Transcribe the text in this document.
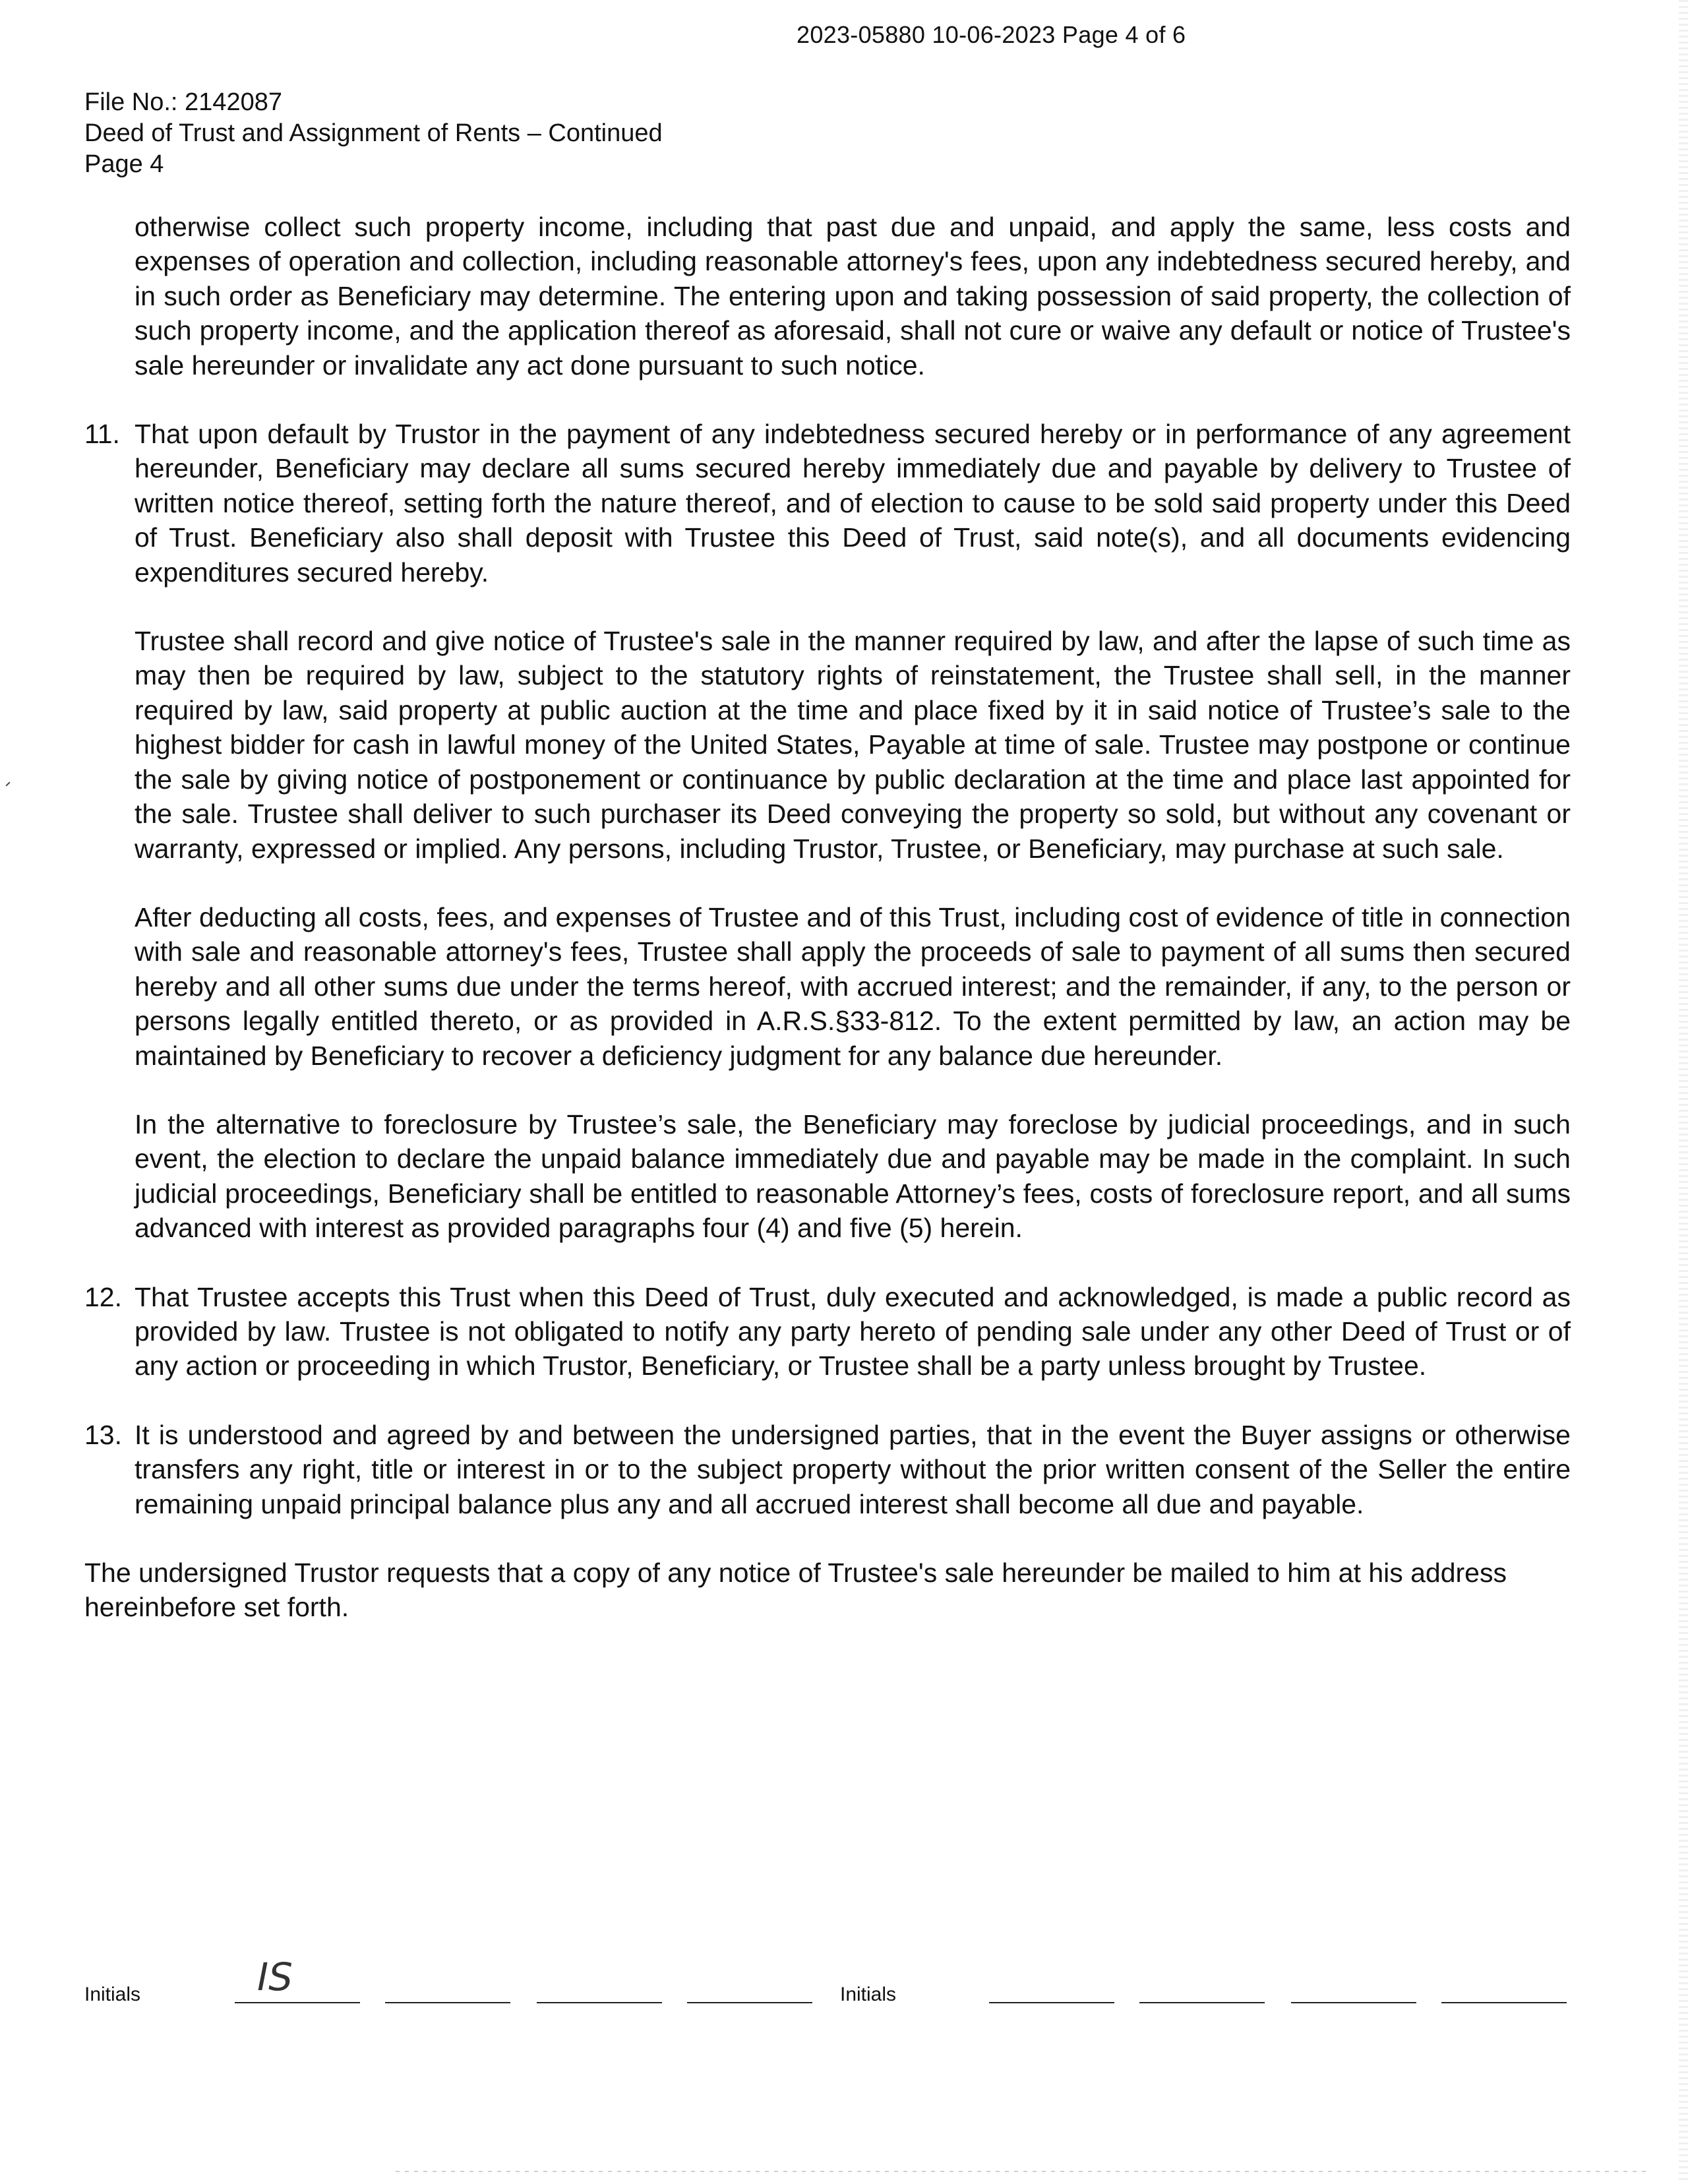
2023-05880 10-06-2023 Page 4 of 6
File No.: 2142087
Deed of Trust and Assignment of Rents – Continued
Page 4

otherwise collect such property income, including that past due and unpaid, and apply the same, less costs and expenses of operation and collection, including reasonable attorney's fees, upon any indebtedness secured hereby, and in such order as Beneficiary may determine. The entering upon and taking possession of said property, the collection of such property income, and the application thereof as aforesaid, shall not cure or waive any default or notice of Trustee's sale hereunder or invalidate any act done pursuant to such notice.

11. That upon default by Trustor in the payment of any indebtedness secured hereby or in performance of any agreement hereunder, Beneficiary may declare all sums secured hereby immediately due and payable by delivery to Trustee of written notice thereof, setting forth the nature thereof, and of election to cause to be sold said property under this Deed of Trust. Beneficiary also shall deposit with Trustee this Deed of Trust, said note(s), and all documents evidencing expenditures secured hereby.

Trustee shall record and give notice of Trustee's sale in the manner required by law, and after the lapse of such time as may then be required by law, subject to the statutory rights of reinstatement, the Trustee shall sell, in the manner required by law, said property at public auction at the time and place fixed by it in said notice of Trustee’s sale to the highest bidder for cash in lawful money of the United States, Payable at time of sale. Trustee may postpone or continue the sale by giving notice of postponement or continuance by public declaration at the time and place last appointed for the sale. Trustee shall deliver to such purchaser its Deed conveying the property so sold, but without any covenant or warranty, expressed or implied. Any persons, including Trustor, Trustee, or Beneficiary, may purchase at such sale.

After deducting all costs, fees, and expenses of Trustee and of this Trust, including cost of evidence of title in connection with sale and reasonable attorney's fees, Trustee shall apply the proceeds of sale to payment of all sums then secured hereby and all other sums due under the terms hereof, with accrued interest; and the remainder, if any, to the person or persons legally entitled thereto, or as provided in A.R.S.§33-812. To the extent permitted by law, an action may be maintained by Beneficiary to recover a deficiency judgment for any balance due hereunder.

In the alternative to foreclosure by Trustee’s sale, the Beneficiary may foreclose by judicial proceedings, and in such event, the election to declare the unpaid balance immediately due and payable may be made in the complaint. In such judicial proceedings, Beneficiary shall be entitled to reasonable Attorney’s fees, costs of foreclosure report, and all sums advanced with interest as provided paragraphs four (4) and five (5) herein.

12. That Trustee accepts this Trust when this Deed of Trust, duly executed and acknowledged, is made a public record as provided by law. Trustee is not obligated to notify any party hereto of pending sale under any other Deed of Trust or of any action or proceeding in which Trustor, Beneficiary, or Trustee shall be a party unless brought by Trustee.
13. It is understood and agreed by and between the undersigned parties, that in the event the Buyer assigns or otherwise transfers any right, title or interest in or to the subject property without the prior written consent of the Seller the entire remaining unpaid principal balance plus any and all accrued interest shall become all due and payable.

The undersigned Trustor requests that a copy of any notice of Trustee's sale hereunder be mailed to him at his address hereinbefore set forth.

Initials	IS	Initials
